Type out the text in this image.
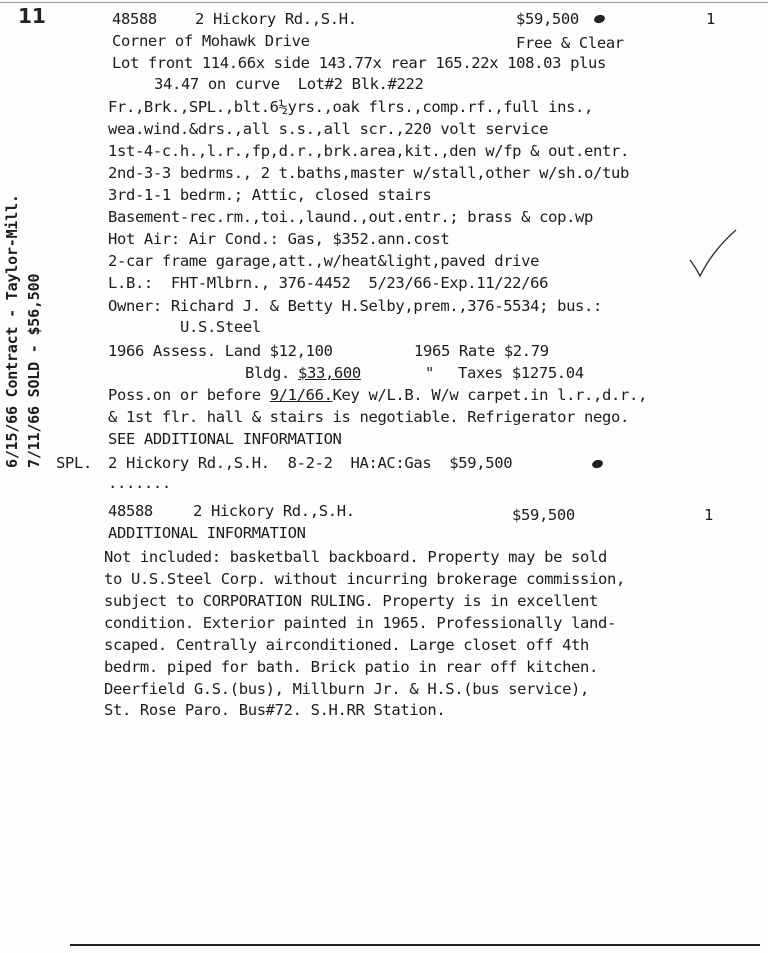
11
6/15/66 Contract - Taylor-Mill. 7/11/66 SOLD - $56,500
48588 2 Hickory Rd.,S.H.	$59,500	1
Corner of Mohawk Drive	Free & Clear
Lot front 114.66x side 143.77x rear 165.22x 108.03 plus
34.47 on curve  Lot#2 Blk.#222
Fr.,Brk.,SPL.,blt.6½yrs.,oak flrs.,comp.rf.,full ins.,
wea.wind.&drs.,all s.s.,all scr.,220 volt service
1st-4-c.h.,l.r.,fp,d.r.,brk.area,kit.,den w/fp & out.entr.
2nd-3-3 bedrms., 2 t.baths,master w/stall,other w/sh.o/tub
3rd-1-1 bedrm.; Attic, closed stairs
Basement-rec.rm.,toi.,laund.,out.entr.; brass & cop.wp
Hot Air: Air Cond.: Gas, $352.ann.cost
2-car frame garage,att.,w/heat&light,paved drive
L.B.:  FHT-Mlbrn., 376-4452  5/23/66-Exp.11/22/66
Owner: Richard J. & Betty H.Selby,prem.,376-5534; bus.:
U.S.Steel
1966 Assess. Land $12,100	1965 Rate $2.79
Bldg. $33,600	" Taxes $1275.04
Poss.on or before 9/1/66.Key w/L.B. W/w carpet.in l.r.,d.r.,
& 1st flr. hall & stairs is negotiable. Refrigerator nego.
SEE ADDITIONAL INFORMATION
SPL. 2 Hickory Rd.,S.H.  8-2-2  HA:AC:Gas  $59,500
.......
48588	2 Hickory Rd.,S.H.	$59,500	1
ADDITIONAL INFORMATION
Not included: basketball backboard. Property may be sold
to U.S.Steel Corp. without incurring brokerage commission,
subject to CORPORATION RULING. Property is in excellent
condition. Exterior painted in 1965. Professionally land-
scaped. Centrally airconditioned. Large closet off 4th
bedrm. piped for bath. Brick patio in rear off kitchen.
Deerfield G.S.(bus), Millburn Jr. & H.S.(bus service),
St. Rose Paro. Bus#72. S.H.RR Station.
